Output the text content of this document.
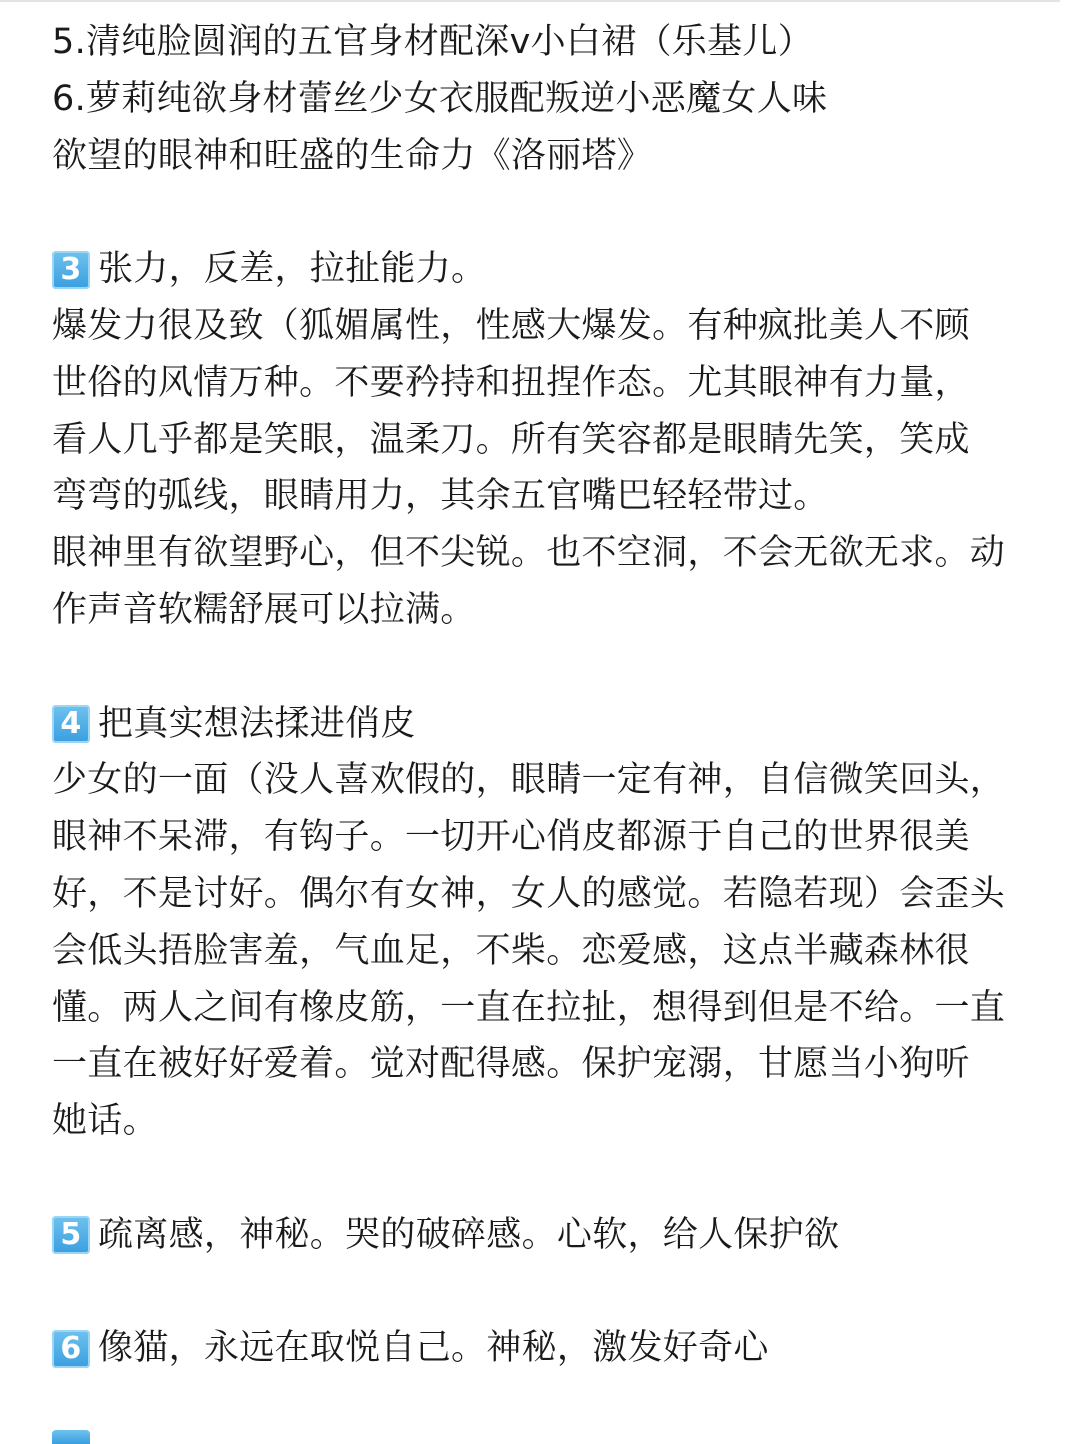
5.清纯脸圆润的五官身材配深v小白裙（乐基儿）
6.萝莉纯欲身材蕾丝少女衣服配叛逆小恶魔女人味
欲望的眼神和旺盛的生命力《洛丽塔》
3 张力，反差，拉扯能力。
爆发力很及致（狐媚属性，性感大爆发。有种疯批美人不顾
世俗的风情万种。不要矜持和扭捏作态。尤其眼神有力量，
看人几乎都是笑眼，温柔刀。所有笑容都是眼睛先笑，笑成
弯弯的弧线，眼睛用力，其余五官嘴巴轻轻带过。
眼神里有欲望野心，但不尖锐。也不空洞，不会无欲无求。动
作声音软糯舒展可以拉满。
4 把真实想法揉进俏皮
少女的一面（没人喜欢假的，眼睛一定有神，自信微笑回头，
眼神不呆滞，有钩子。一切开心俏皮都源于自己的世界很美
好，不是讨好。偶尔有女神，女人的感觉。若隐若现）会歪头
会低头捂脸害羞，气血足，不柴。恋爱感，这点半藏森林很
懂。两人之间有橡皮筋，一直在拉扯，想得到但是不给。一直
一直在被好好爱着。觉对配得感。保护宠溺，甘愿当小狗听
她话。
5 疏离感，神秘。哭的破碎感。心软，给人保护欲
6 像猫，永远在取悦自己。神秘，激发好奇心
